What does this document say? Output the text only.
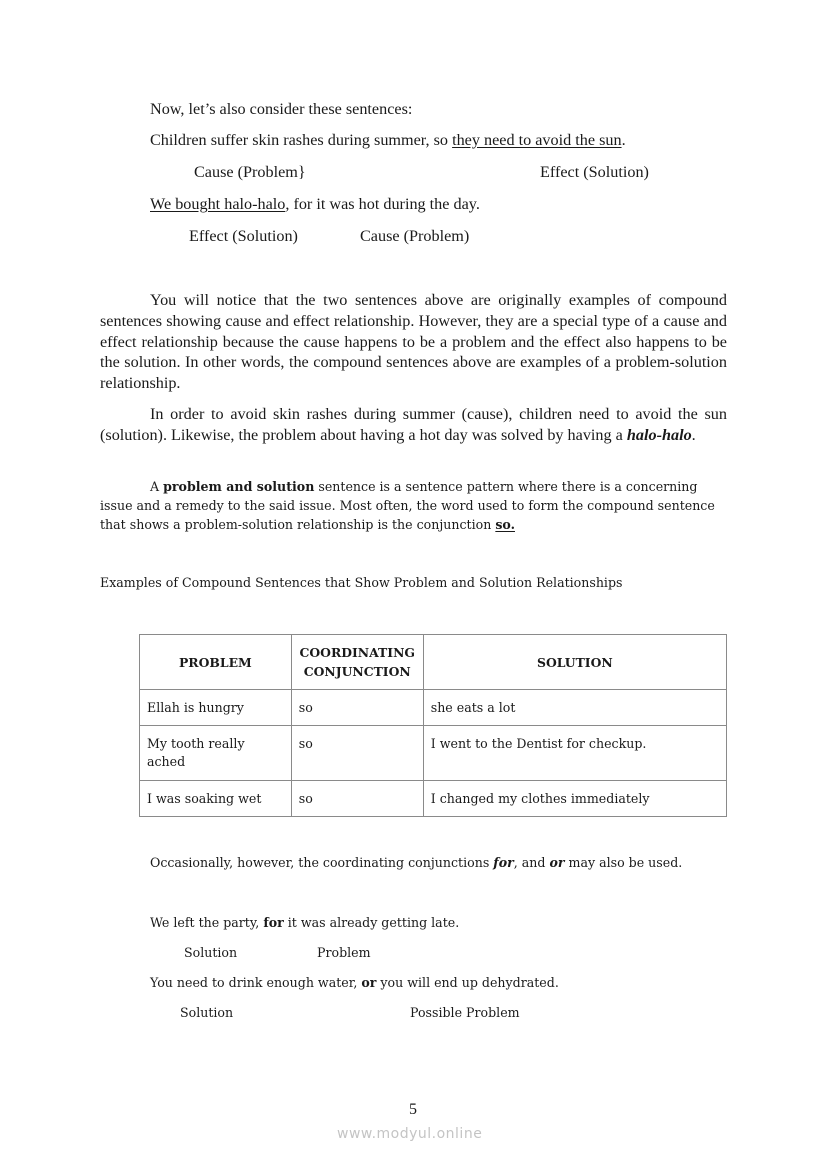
Now, let’s also consider these sentences:
Children suffer skin rashes during summer, so they need to avoid the sun.
Cause (Problem}	Effect (Solution)
We bought halo-halo, for it was hot during the day.
Effect (Solution)	Cause (Problem)
You will notice that the two sentences above are originally examples of compound sentences showing cause and effect relationship. However, they are a special type of a cause and effect relationship because the cause happens to be a problem and the effect also happens to be the solution. In other words, the compound sentences above are examples of a problem-solution relationship.
In order to avoid skin rashes during summer (cause), children need to avoid the sun (solution). Likewise, the problem about having a hot day was solved by having a halo-halo.
A problem and solution sentence is a sentence pattern where there is a concerning issue and a remedy to the said issue. Most often, the word used to form the compound sentence that shows a problem-solution relationship is the conjunction so.
Examples of Compound Sentences that Show Problem and Solution Relationships
PROBLEM	COORDINATING CONJUNCTION	SOLUTION
Ellah is hungry	so	she eats a lot
My tooth really ached	so	I went to the Dentist for checkup.
I was soaking wet	so	I changed my clothes immediately
Occasionally, however, the coordinating conjunctions for, and or may also be used.
We left the party, for it was already getting late.
Solution	Problem
You need to drink enough water, or you will end up dehydrated.
Solution	Possible Problem
5
www.modyul.online
